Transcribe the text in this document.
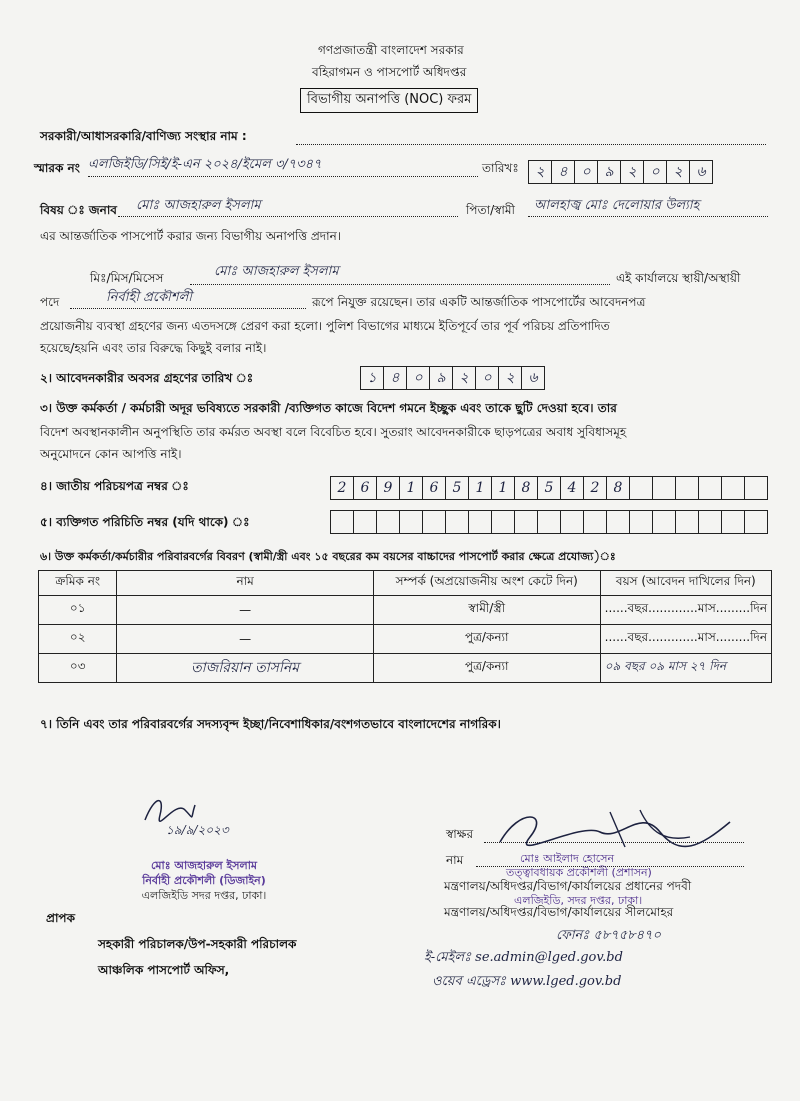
গণপ্রজাতন্ত্রী বাংলাদেশ সরকার
বহিরাগমন ও পাসপোর্ট অধিদপ্তর
বিভাগীয় অনাপত্তি (NOC) ফরম
সরকারী/আধাসরকারি/বাণিজ্য সংস্থার নাম :
স্মারক নং এলজিইডি/সিই/ই-এন ২০২৪/ইমেল ৩/৭৩৪৭	তারিখঃ	২ ৪ ০ ৯ ২ ০ ২ ৬
বিষয় ঃ জনাব মোঃ আজহারুল ইসলাম	পিতা/স্বামী আলহাজ্ব মোঃ দেলোয়ার উল্যাহ
এর আন্তর্জাতিক পাসপোর্ট করার জন্য বিভাগীয় অনাপত্তি প্রদান।
মিঃ/মিস/মিসেস	মোঃ আজহারুল ইসলাম	এই কার্যালয়ে স্থায়ী/অস্থায়ী
পদে	নির্বাহী প্রকৌশলী	রূপে নিযুক্ত রয়েছেন। তার একটি আন্তর্জাতিক পাসপোর্টের আবেদনপত্র
প্রয়োজনীয় ব্যবস্থা গ্রহণের জন্য এতদসঙ্গে প্রেরণ করা হলো। পুলিশ বিভাগের মাধ্যমে ইতিপূর্বে তার পূর্ব পরিচয় প্রতিপাদিত
হয়েছে/হয়নি এবং তার বিরুদ্ধে কিছুই বলার নাই।
২। আবেদনকারীর অবসর গ্রহণের তারিখ ঃ	১ ৪ ০ ৯ ২ ০ ২ ৬
৩। উক্ত কর্মকর্তা / কর্মচারী অদূর ভবিষ্যতে সরকারী /ব্যক্তিগত কাজে বিদেশ গমনে ইচ্ছুক এবং তাকে ছুটি দেওয়া হবে। তার
বিদেশ অবস্থানকালীন অনুপস্থিতি তার কর্মরত অবস্থা বলে বিবেচিত হবে। সুতরাং আবেদনকারীকে ছাড়পত্রের অবাধ সুবিধাসমূহ
অনুমোদনে কোন আপত্তি নাই।
৪। জাতীয় পরিচয়পত্র নম্বর ঃ	2	6	9	1	6	5	1	1	8	5	4	2	8
৫। ব্যক্তিগত পরিচিতি নম্বর (যদি থাকে) ঃ
৬। উক্ত কর্মকর্তা/কর্মচারীর পরিবারবর্গের বিবরণ (স্বামী/স্ত্রী এবং ১৫ বছরের কম বয়সের বাচ্চাদের পাসপোর্ট করার ক্ষেত্রে প্রযোজ্য)ঃ
ক্রমিক নং	নাম	সম্পর্ক (অপ্রয়োজনীয় অংশ কেটে দিন)	বয়স (আবেদন দাখিলের দিন)
০১	—	স্বামী/স্ত্রী	......বছর.............মাস.........দিন
০২	—	পুত্র/কন্যা	......বছর.............মাস.........দিন
০৩	তাজরিয়ান তাসনিম	পুত্র/কন্যা	০৯ বছর ০৯ মাস ২৭ দিন
৭। তিনি এবং তার পরিবারবর্গের সদস্যবৃন্দ ইচ্ছা/নিবেশাধিকার/বংশগতভাবে বাংলাদেশের নাগরিক।
১৯/৯/২০২৩
মোঃ আজহারুল ইসলাম
নির্বাহী প্রকৌশলী (ডিজাইন)
এলজিইডি সদর দপ্তর, ঢাকা।
প্রাপক
সহকারী পরিচালক/উপ-সহকারী পরিচালক
আঞ্চলিক পাসপোর্ট অফিস,
স্বাক্ষর
নাম	মোঃ আইলাদ হোসেন
তত্ত্বাবধায়ক প্রকৌশলী (প্রশাসন)
মন্ত্রণালয়/অধিদপ্তর/বিভাগ/কার্যালয়ের প্রধানের পদবী
এলজিইডি, সদর দপ্তর, ঢাকা।
মন্ত্রণালয়/অধিদপ্তর/বিভাগ/কার্যালয়ের সীলমোহর
ফোনঃ ৫৮৭৫৮৪৭০
ই-মেইলঃ se.admin@lged.gov.bd
ওয়েব এড্রেসঃ www.lged.gov.bd
